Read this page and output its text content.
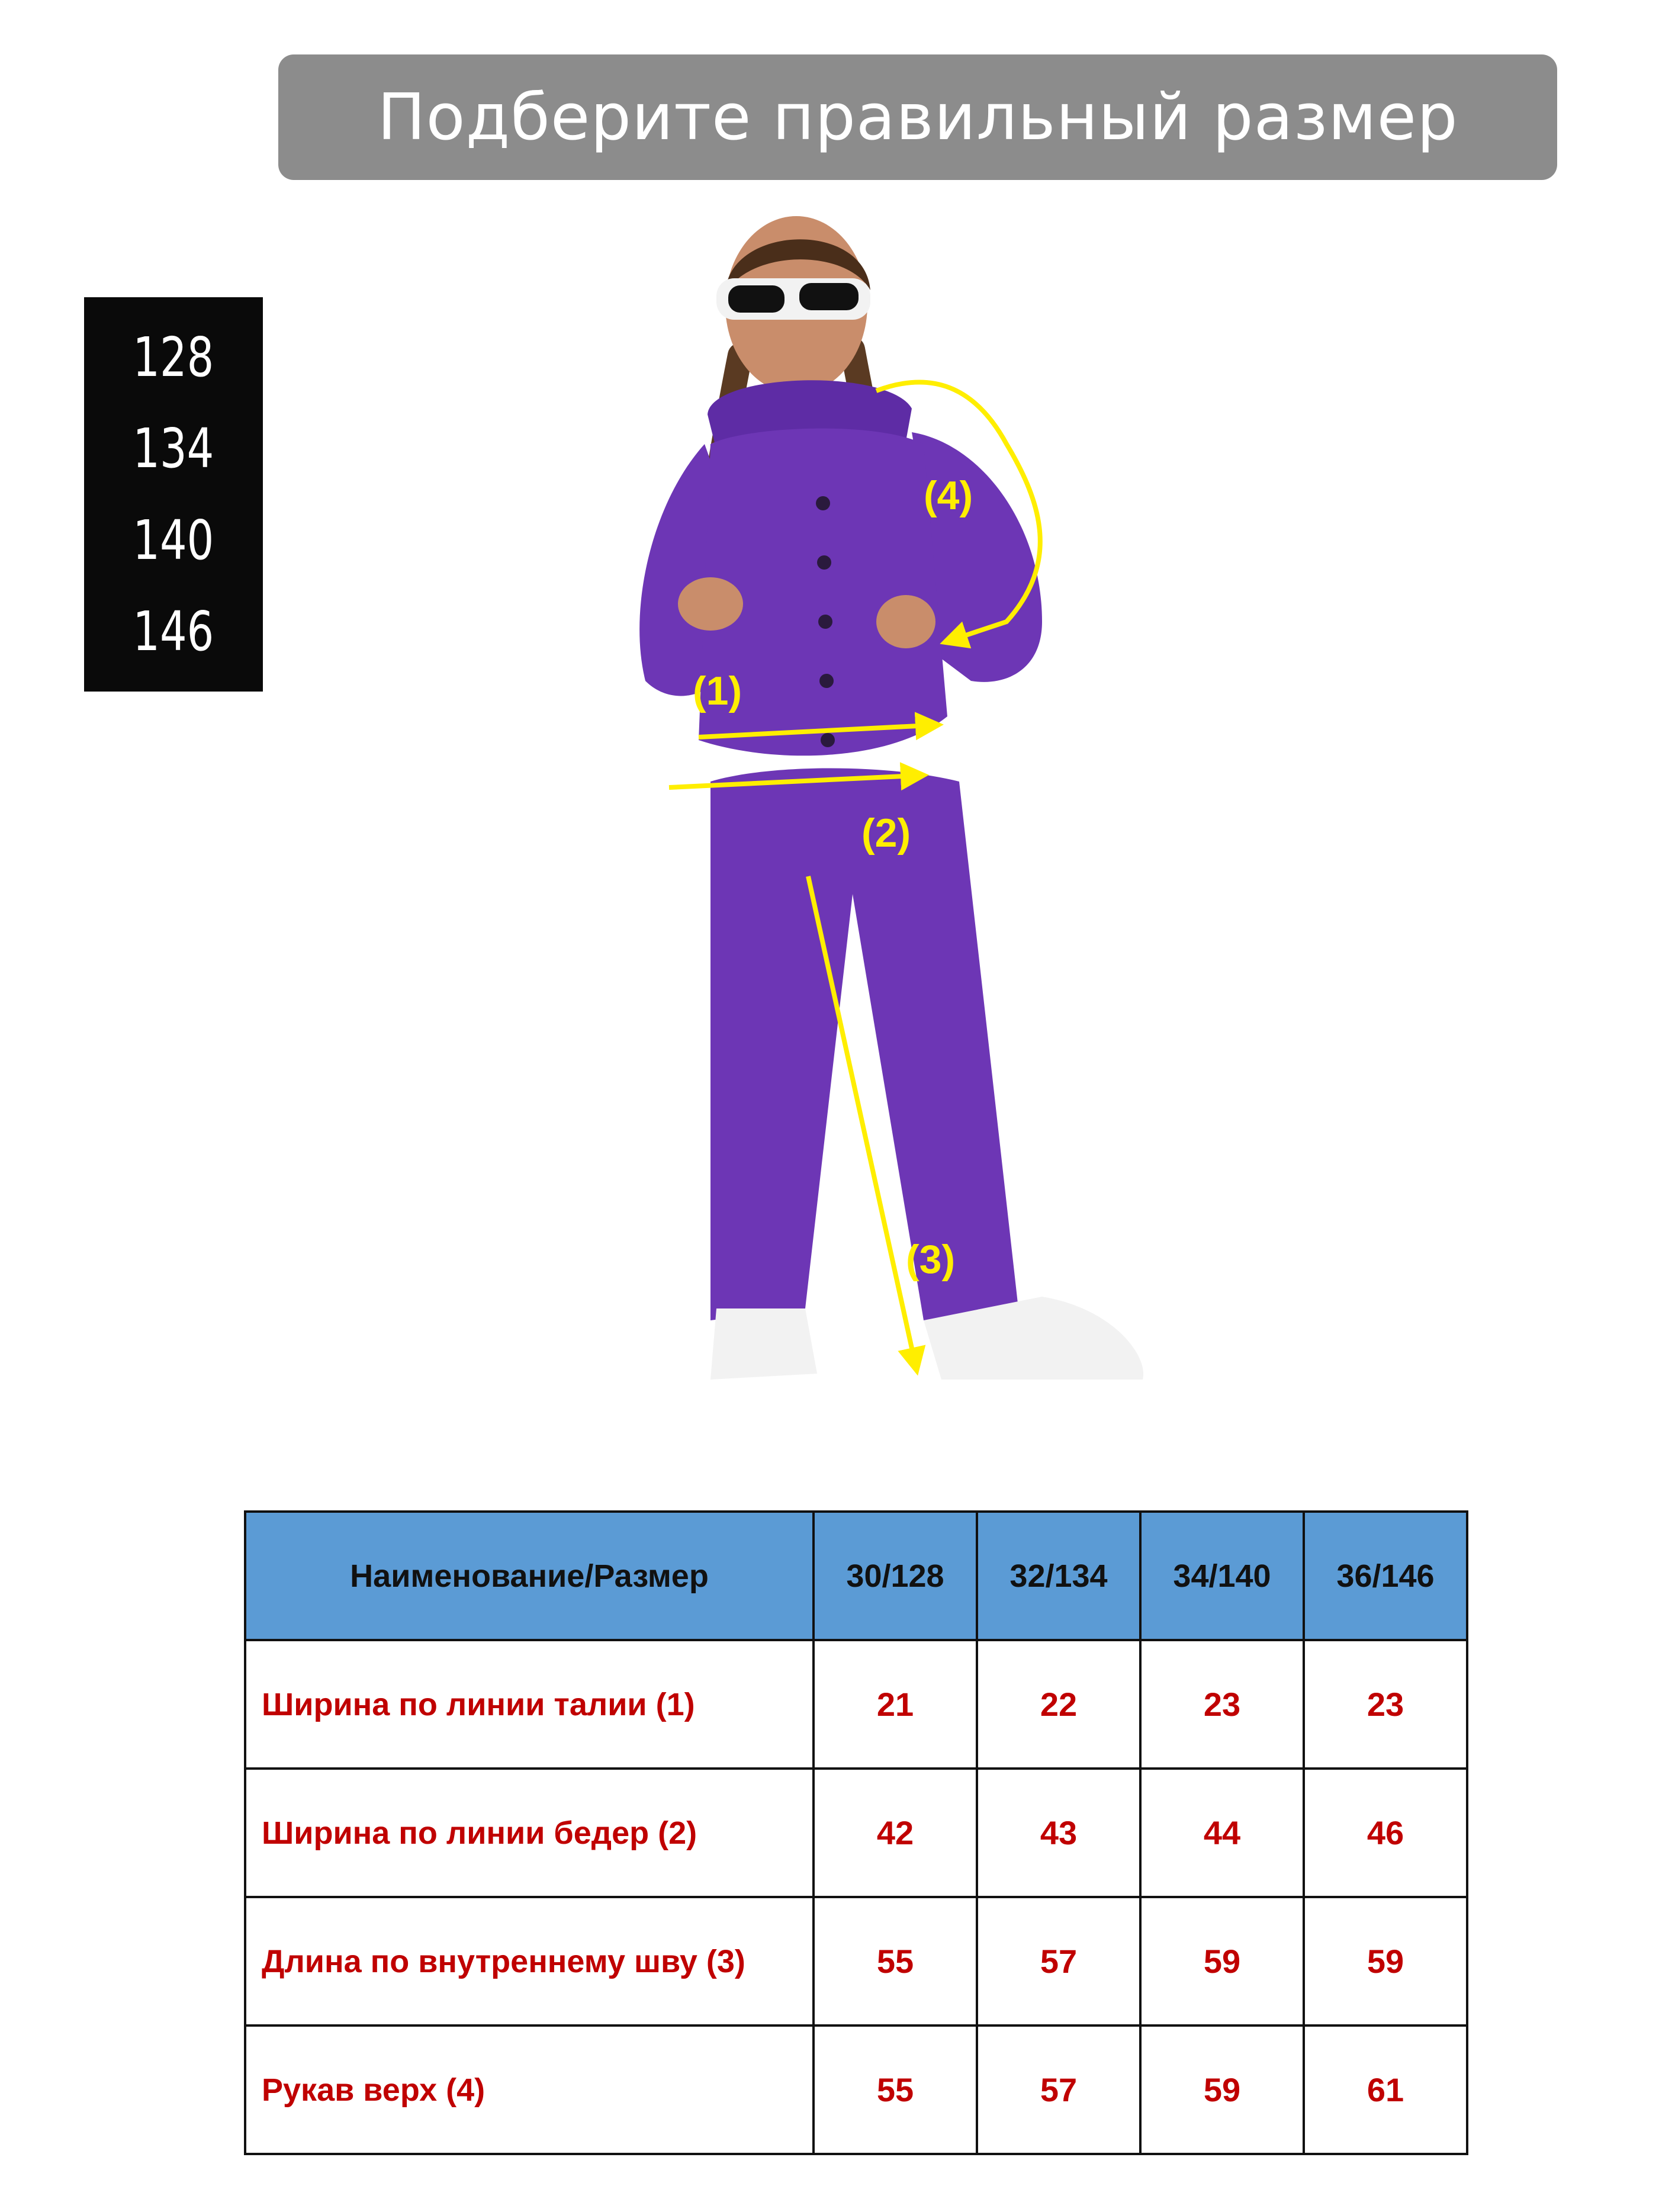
Подберите правильный размер
128
134
140
146
(1)
(2)
(3)
(4)
Наименование/Размер	30/128	32/134	34/140	36/146
Ширина по линии талии (1)	21	22	23	23
Ширина по линии бедер (2)	42	43	44	46
Длина по внутреннему шву (3)	55	57	59	59
Рукав верх (4)	55	57	59	61
